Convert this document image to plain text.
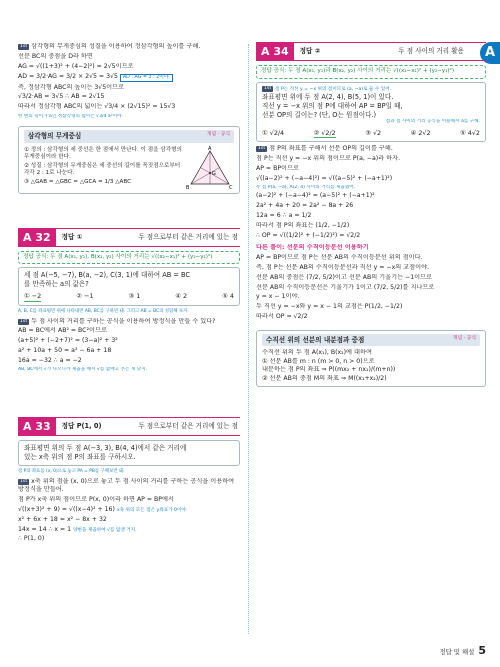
A
1st 삼각형의 무게중심의 성질을 이용하여 정삼각형의 높이를 구해.
선분 BC의 중점을 D라 하면
AG = √((1+3)² + (4−2)²) = 2√5이므로
AD = 3/2·AG = 3/2 × 2√5 = 3√5 AD : AG = 3 : 2이야.
즉, 정삼각형 ABC의 높이는 3√5이므로
√3/2·AB = 3√5 ∴ AB = 2√15
따라서 정삼각형 ABC의 넓이는 √3/4 × (2√15)² = 15√3
한 변의 길이가 a인 정삼각형의 넓이는 √3/4 a²이야.
삼각형의 무게중심	개념 · 공식

① 정의 : 삼각형의 세 중선은 한 점에서 만난다. 이 점을 삼각형의 무게중심이라 한다.

② 성질 : 삼각형의 무게중심은 세 중선의 길이를 꼭짓점으로부터 각각 2 : 1로 나눈다.

③ △GAB = △GBC = △GCA = 1/3 △ABC

A
B	C
G
A 32	정답 ①	두 점으로부터 같은 거리에 있는 점
정답 공식: 두 점 A(x₁, y₁), B(x₂, y₂) 사이의 거리는 √((x₂−x₁)² + (y₂−y₁)²)
세 점 A(−5, −7), B(a, −2), C(3, 1)에 대하여 AB = BC
를 만족하는 a의 값은?
① −2	② −1	③ 1	④ 2	⑤ 4
A, B, C를 좌표평면 위에 나타내면 AB, BC를 구하면 돼. 그리고 AB = BC의 성립해 보자.
1st 두 점 사이의 거리를 구하는 공식을 이용하여 방정식을 만들 수 있다?
AB = BC에서 AB² = BC²이므로
(a+5)² + (−2+7)² = (3−a)² + 3²
a² + 10a + 50 = a² − 6a + 18
16a = −32 ∴ a = −2
AB, BC에서 √가 나오니까 제곱을 해서 √를 없애고 푸는 게 낫지.
A 33	정답 P(1, 0)	두 점으로부터 같은 거리에 있는 점
좌표평면 위의 두 점 A(−3, 3), B(4, 4)에서 같은 거리에
있는 x축 위의 점 P의 좌표를 구하시오.
점 P의 좌표를 (x, 0)으로 놓고 PA = PB를 구해보면 돼.
1st x축 위의 점을 (x, 0)으로 놓고 두 점 사이의 거리를 구하는 공식을 이용하여 방정식을 만들어.
점 P가 x축 위의 점이므로 P(x, 0)이라 하면 AP = BP에서
√((x+3)² + 9) = √((x−4)² + 16) x축 위의 모든 점은 y좌표가 0이야.
x² + 6x + 18 = x² − 8x + 32
14x = 14 ∴ x = 1 양변을 제곱하여 √를 없앤 거지.
∴ P(1, 0)
A 34	정답 ②	두 점 사이의 거리 활용
정답 공식: 두 점 A(x₁, y₁)과 B(x₂, y₂) 사이의 거리는 √((x₂−x₁)² + (y₂−y₁)²)
1st 점 P는 직선 y = −x 위의 점이므로 (a, −a)로 둘 수 있어.
좌표평면 위에 두 점 A(2, 4), B(5, 1)이 있다.
직선 y = −x 위의 점 P에 대하여 AP = BP일 때,
선분 OP의 길이는? (단, O는 원점이다.)
점과 점 사이의 거리 공식을 이용해서 a를 구해.
① √2/4	② √2/2	③ √2	④ 2√2	⑤ 4√2
1st 점 P의 좌표를 구해서 선분 OP의 길이를 구해.
점 P는 직선 y = −x 위의 점이므로 P(a, −a)라 하자.
AP = BP이므로
√((a−2)² + (−a−4)²) = √((a−5)² + (−a+1)²)
두 점 P(a, −a), A(2, 4) 사이의 거리를 제곱했어.
(a−2)² + (−a−4)² = (a−5)² + (−a+1)²
2a² + 4a + 20 = 2a² − 8a + 26
12a = 6 ∴ a = 1/2
따라서 점 P의 좌표는 (1/2, −1/2)
∴ OP = √((1/2)² + (−1/2)²) = √2/2
다른 풀이: 선분의 수직이등분선 이용하기
AP = BP이므로 점 P는 선분 AB의 수직이등분선 위의 점이다.
즉, 점 P는 선분 AB의 수직이등분선과 직선 y = −x의 교점이야.
선분 AB의 중점은 (7/2, 5/2)이고 선분 AB의 기울기는 −1이므로
선분 AB의 수직이등분선은 기울기가 1이고 (7/2, 5/2)를 지나므로
y = x − 1이야.
두 직선 y = −x와 y = x − 1의 교점은 P(1/2, −1/2)
따라서 OP = √2/2
수직선 위의 선분의 내분점과 중점	개념 · 공식
수직선 위의 두 점 A(x₁), B(x₂)에 대하여
① 선분 AB를 m : n (m > 0, n > 0)으로
내분하는 점 P의 좌표 ⇒ P((mx₂ + nx₁)/(m+n))
② 선분 AB의 중점 M의 좌표 ⇒ M((x₁+x₂)/2)
정답 및 해설 5
